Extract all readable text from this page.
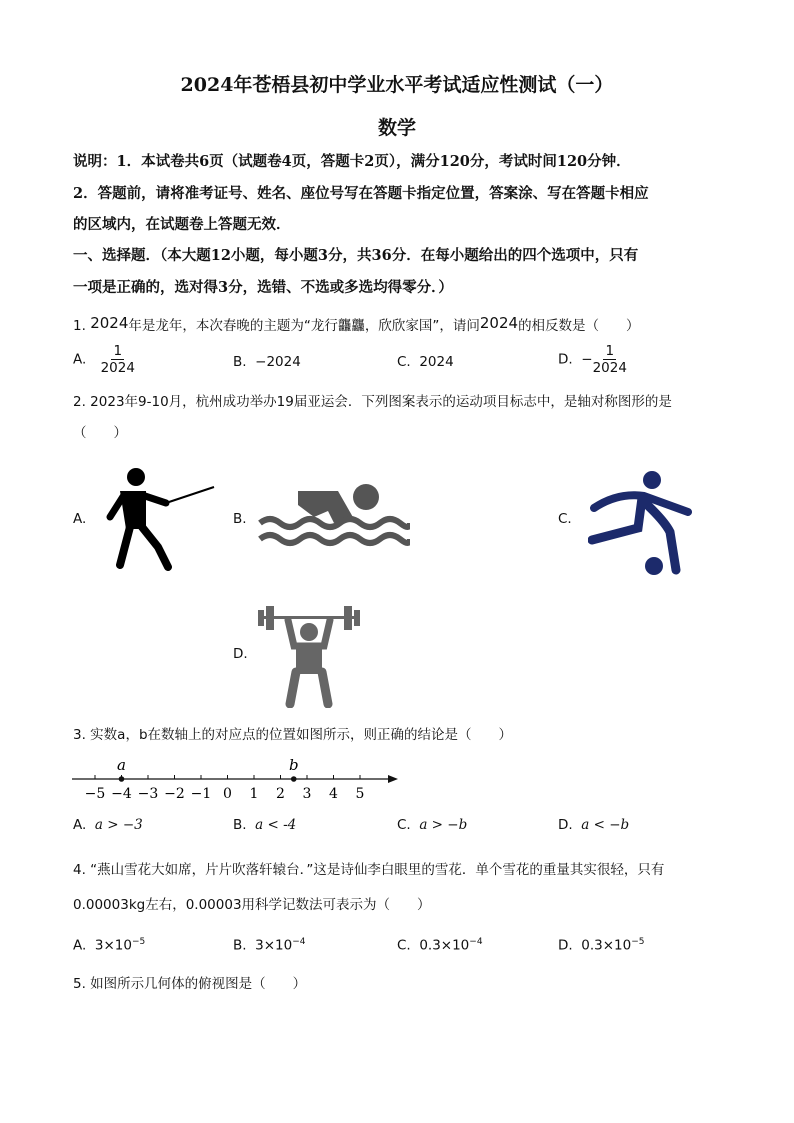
2024年苍梧县初中学业水平考试适应性测试（一）
数学
说明：1．本试卷共6页（试题卷4页，答题卡2页），满分120分，考试时间120分钟．
2．答题前，请将准考证号、姓名、座位号写在答题卡指定位置，答案涂、写在答题卡相应
的区域内，在试题卷上答题无效．
一、选择题．（本大题12小题，每小题3分，共36分．在每小题给出的四个选项中，只有
一项是正确的，选对得3分，选错、不选或多选均得零分．）
1. 2024年是龙年，本次春晚的主题为“龙行龘龘，欣欣家国”，请问2024的相反数是（　　）
A. $\frac{1}{2024}$	B. −2024	C. 2024	D. − $\frac{1}{2024}$
2. 2023年9-10月，杭州成功举办19届亚运会．下列图案表示的运动项目标志中，是轴对称图形的是
（　　）
A.	B.	C.
D.
3. 实数a，b在数轴上的对应点的位置如图所示，则正确的结论是（　　）
−5 −4 −3 −2 −1 0 1 2 3 4 5
a	b
A. a > −3	B. a < -4	C. a > −b	D. a < −b
4. “燕山雪花大如席，片片吹落轩辕台．”这是诗仙李白眼里的雪花．单个雪花的重量其实很轻，只有
0.00003kg左右，0.00003用科学记数法可表示为（　　）
A. $3\times 10^{-5}$	B. $3\times 10^{-4}$	C. $0.3\times 10^{-4}$	D. $0.3\times 10^{-5}$
5. 如图所示几何体的俯视图是（　　）
